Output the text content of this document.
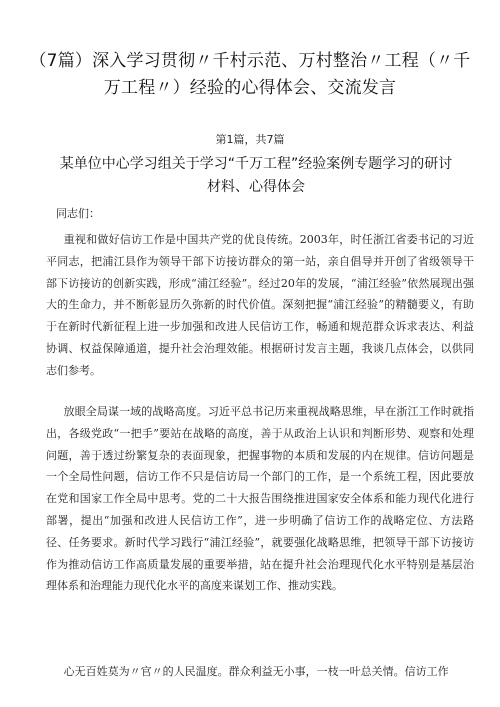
（7篇）深入学习贯彻〃千村示范、万村整治〃工程（〃千万工程〃）经验的心得体会、交流发言
第1篇，共7篇
某单位中心学习组关于学习“千万工程”经验案例专题学习的研讨材料、心得体会

同志们：

重视和做好信访工作是中国共产党的优良传统。2003年，时任浙江省委书记的习近平同志，把浦江县作为领导干部下访接访群众的第一站，亲自倡导并开创了省级领导干部下访接访的创新实践，形成“浦江经验”。经过20年的发展，“浦江经验”依然展现出强大的生命力，并不断彰显历久弥新的时代价值。深刻把握“浦江经验”的精髓要义，有助于在新时代新征程上进一步加强和改进人民信访工作，畅通和规范群众诉求表达、利益协调、权益保障通道，提升社会治理效能。根据研讨发言主题，我谈几点体会，以供同志们参考。

放眼全局谋一域的战略高度。习近平总书记历来重视战略思维，早在浙江工作时就指出，各级党政“一把手”要站在战略的高度，善于从政治上认识和判断形势、观察和处理问题，善于透过纷繁复杂的表面现象，把握事物的本质和发展的内在规律。信访问题是一个全局性问题，信访工作不只是信访局一个部门的工作，是一个系统工程，因此要放在党和国家工作全局中思考。党的二十大报告围绕推进国家安全体系和能力现代化进行部署，提出“加强和改进人民信访工作”，进一步明确了信访工作的战略定位、方法路径、任务要求。新时代学习践行“浦江经验”，就要强化战略思维，把领导干部下访接访作为推动信访工作高质量发展的重要举措，站在提升社会治理现代化水平特别是基层治理体系和治理能力现代化水平的高度来谋划工作、推动实践。

心无百姓莫为〃官〃的人民温度。群众利益无小事，一枝一叶总关情。信访工作
